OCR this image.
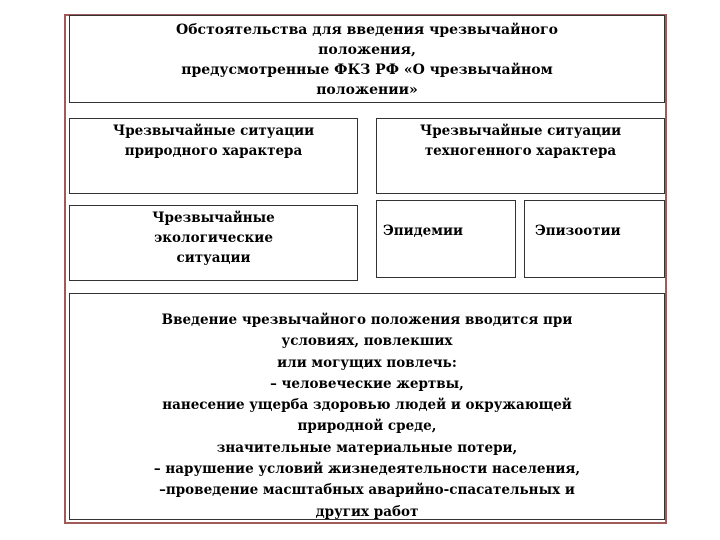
Обстоятельства для введения чрезвычайного
положения,
предусмотренные ФКЗ РФ «О чрезвычайном
положении»
Чрезвычайные ситуации
природного характера
Чрезвычайные ситуации
техногенного характера
Чрезвычайные
экологические
ситуации
Эпидемии	Эпизоотии
Введение чрезвычайного положения вводится при
условиях, повлекших
или могущих повлечь:
– человеческие жертвы,
нанесение ущерба здоровью людей и окружающей
природной среде,
значительные материальные потери,
– нарушение условий жизнедеятельности населения,
–проведение масштабных аварийно-спасательных и
других работ
